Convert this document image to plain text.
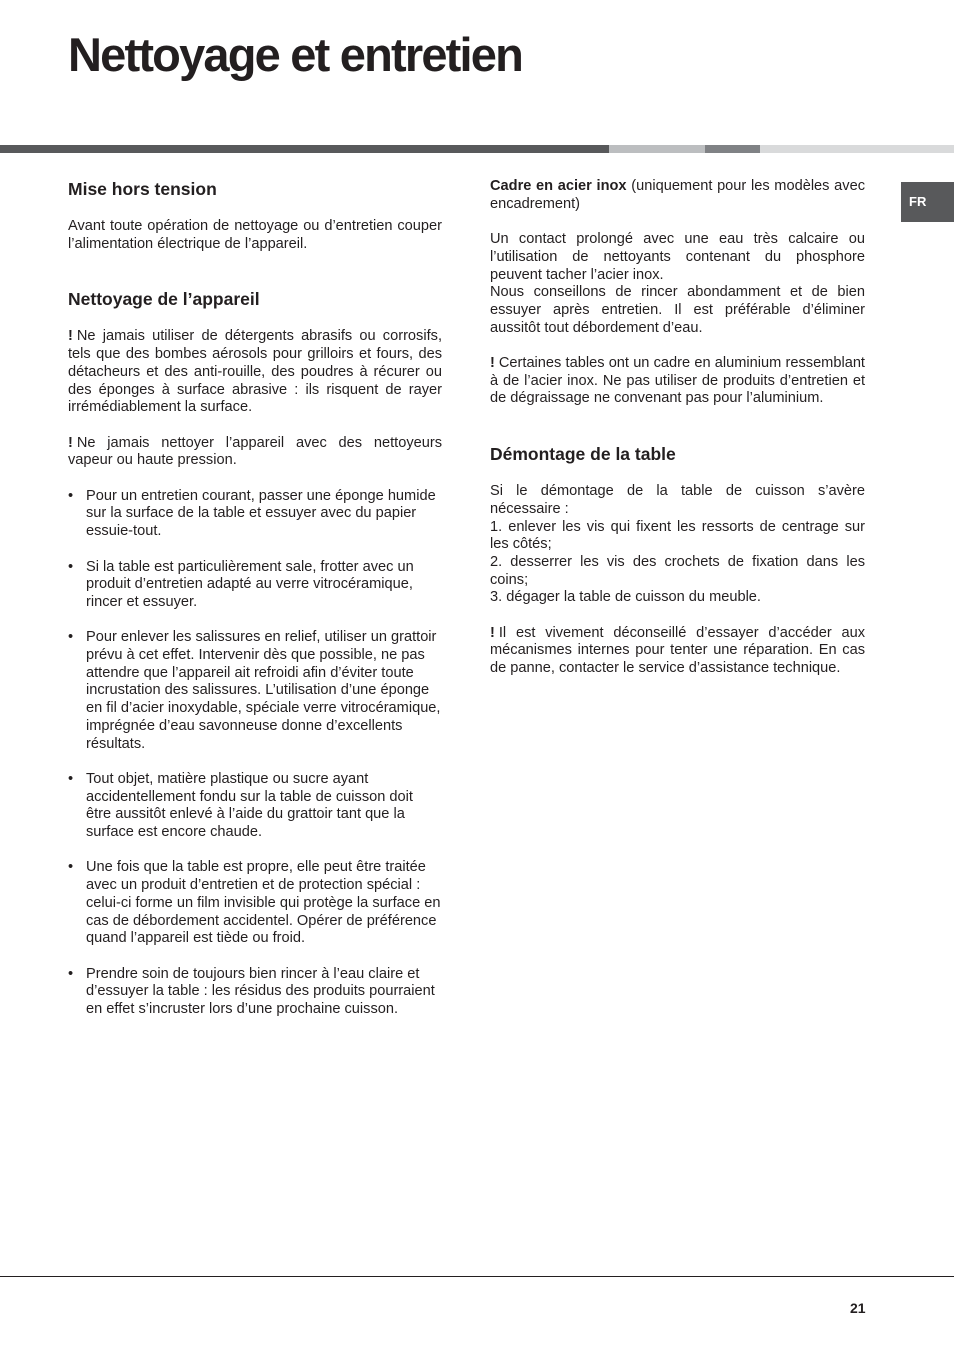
Nettoyage et entretien
FR
Mise hors tension

Avant toute opération de nettoyage ou d’entretien couper l’alimentation électrique de l’appareil.

Nettoyage de l’appareil

! Ne jamais utiliser de détergents abrasifs ou corrosifs, tels que des bombes aérosols pour grilloirs et fours, des détacheurs et des anti-rouille, des poudres à récurer ou des éponges à surface abrasive : ils risquent de rayer irrémédiablement la surface.

! Ne jamais nettoyer l’appareil avec des nettoyeurs vapeur ou haute pression.

• Pour un entretien courant, passer une éponge humide sur la surface de la table et essuyer avec du papier essuie-tout.
• Si la table est particulièrement sale, frotter avec un produit d’entretien adapté au verre vitrocéramique, rincer et essuyer.
• Pour enlever les salissures en relief, utiliser un grattoir prévu à cet effet. Intervenir dès que possible, ne pas attendre que l’appareil ait refroidi afin d’éviter toute incrustation des salissures. L’utilisation d’une éponge en fil d’acier inoxydable, spéciale verre vitrocéramique, imprégnée d’eau savonneuse donne d’excellents résultats.
• Tout objet, matière plastique ou sucre ayant accidentellement fondu sur la table de cuisson doit être aussitôt enlevé à l’aide du grattoir tant que la surface est encore chaude.
• Une fois que la table est propre, elle peut être traitée avec un produit d’entretien et de protection spécial : celui-ci forme un film invisible qui protège la surface en cas de débordement accidentel. Opérer de préférence quand l’appareil est tiède ou froid.
• Prendre soin de toujours bien rincer à l’eau claire et d’essuyer la table : les résidus des produits pourraient en effet s’incruster lors d’une prochaine cuisson.

Cadre en acier inox (uniquement pour les modèles avec encadrement)

Un contact prolongé avec une eau très calcaire ou l’utilisation de nettoyants contenant du phosphore peuvent tacher l’acier inox.

Nous conseillons de rincer abondamment et de bien essuyer après entretien. Il est préférable d’éliminer aussitôt tout débordement d’eau.

! Certaines tables ont un cadre en aluminium ressemblant à de l’acier inox. Ne pas utiliser de produits d’entretien et de dégraissage ne convenant pas pour l’aluminium.

Démontage de la table

Si le démontage de la table de cuisson s’avère nécessaire :
1. enlever les vis qui fixent les ressorts de centrage sur les côtés;
2. desserrer les vis des crochets de fixation dans les coins;
3. dégager la table de cuisson du meuble.

! Il est vivement déconseillé d’essayer d’accéder aux mécanismes internes pour tenter une réparation. En cas de panne, contacter le service d’assistance technique.

21
